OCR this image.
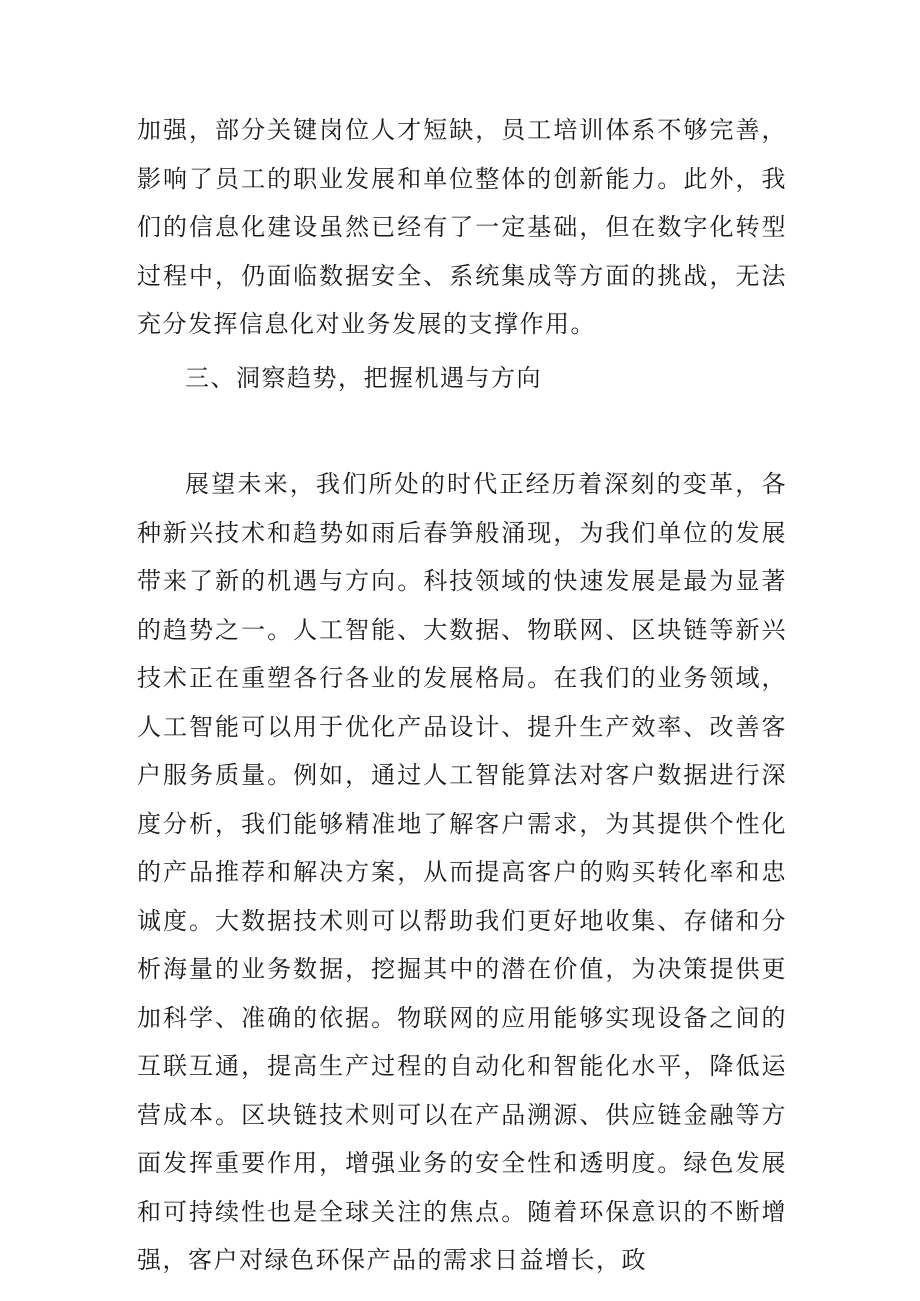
加强，部分关键岗位人才短缺，员工培训体系不够完善，影响了员工的职业发展和单位整体的创新能力。此外，我们的信息化建设虽然已经有了一定基础，但在数字化转型过程中，仍面临数据安全、系统集成等方面的挑战，无法充分发挥信息化对业务发展的支撑作用。

三、洞察趋势，把握机遇与方向

展望未来，我们所处的时代正经历着深刻的变革，各种新兴技术和趋势如雨后春笋般涌现，为我们单位的发展带来了新的机遇与方向。科技领域的快速发展是最为显著的趋势之一。人工智能、大数据、物联网、区块链等新兴技术正在重塑各行各业的发展格局。在我们的业务领域，人工智能可以用于优化产品设计、提升生产效率、改善客户服务质量。例如，通过人工智能算法对客户数据进行深度分析，我们能够精准地了解客户需求，为其提供个性化的产品推荐和解决方案，从而提高客户的购买转化率和忠诚度。大数据技术则可以帮助我们更好地收集、存储和分析海量的业务数据，挖掘其中的潜在价值，为决策提供更加科学、准确的依据。物联网的应用能够实现设备之间的互联互通，提高生产过程的自动化和智能化水平，降低运营成本。区块链技术则可以在产品溯源、供应链金融等方面发挥重要作用，增强业务的安全性和透明度。绿色发展和可持续性也是全球关注的焦点。随着环保意识的不断增强，客户对绿色环保产品的需求日益增长，政
